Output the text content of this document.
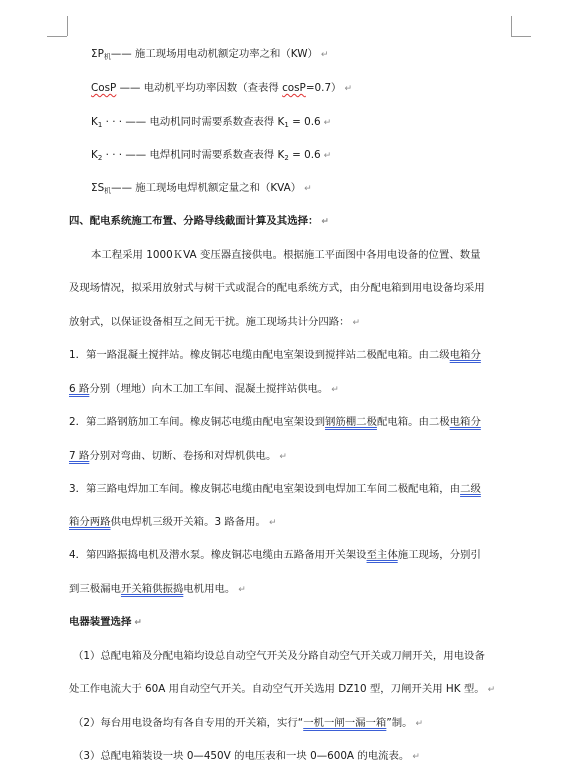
$\Sigma P_机——$ 施工现场用电动机额定功率之和（KW） ↵
CosP —— 电动机平均功率因数（查表得 cosP=0.7） ↵
$K_1$ · · · —— 电动机同时需要系数查表得 $K_1 = 0.6$ ↵
$K_2$ · · · —— 电焊机同时需要系数查表得 $K_2 = 0.6$ ↵
$\Sigma S_机——$ 施工现场电焊机额定量之和（KVA） ↵
四、配电系统施工布置、分路导线截面计算及其选择： ↵
本工程采用 1000ＫVA 变压器直接供电。根据施工平面图中各用电设备的位置、数量
及现场情况，拟采用放射式与树干式或混合的配电系统方式，由分配电箱到用电设备均采用
放射式，以保证设备相互之间无干扰。施工现场共计分四路： ↵
1．第一路混凝土搅拌站。橡皮铜芯电缆由配电室架设到搅拌站二极配电箱。由二级电箱分
6 路分别（埋地）向木工加工车间、混凝土搅拌站供电。 ↵
2．第二路钢筋加工车间。橡皮铜芯电缆由配电室架设到钢筋棚二极配电箱。由二极电箱分
7 路分别对弯曲、切断、卷扬和对焊机供电。 ↵
3．第三路电焊加工车间。橡皮铜芯电缆由配电室架设到电焊加工车间二极配电箱，由二级
箱分两路供电焊机三级开关箱。3 路备用。 ↵
4．第四路振捣电机及潜水泵。橡皮铜芯电缆由五路备用开关架设至主体施工现场，分别引
到三极漏电开关箱供振捣电机用电。 ↵
电器装置选择 ↵
（1）总配电箱及分配电箱均设总自动空气开关及分路自动空气开关或刀闸开关，用电设备
处工作电流大于 60A 用自动空气开关。自动空气开关选用 DZ10 型，刀闸开关用 HK 型。 ↵
（2）每台用电设备均有各自专用的开关箱，实行“一机一闸一漏一箱”制。 ↵
（3）总配电箱装设一块 0—450V 的电压表和一块 0—600A 的电流表。 ↵
